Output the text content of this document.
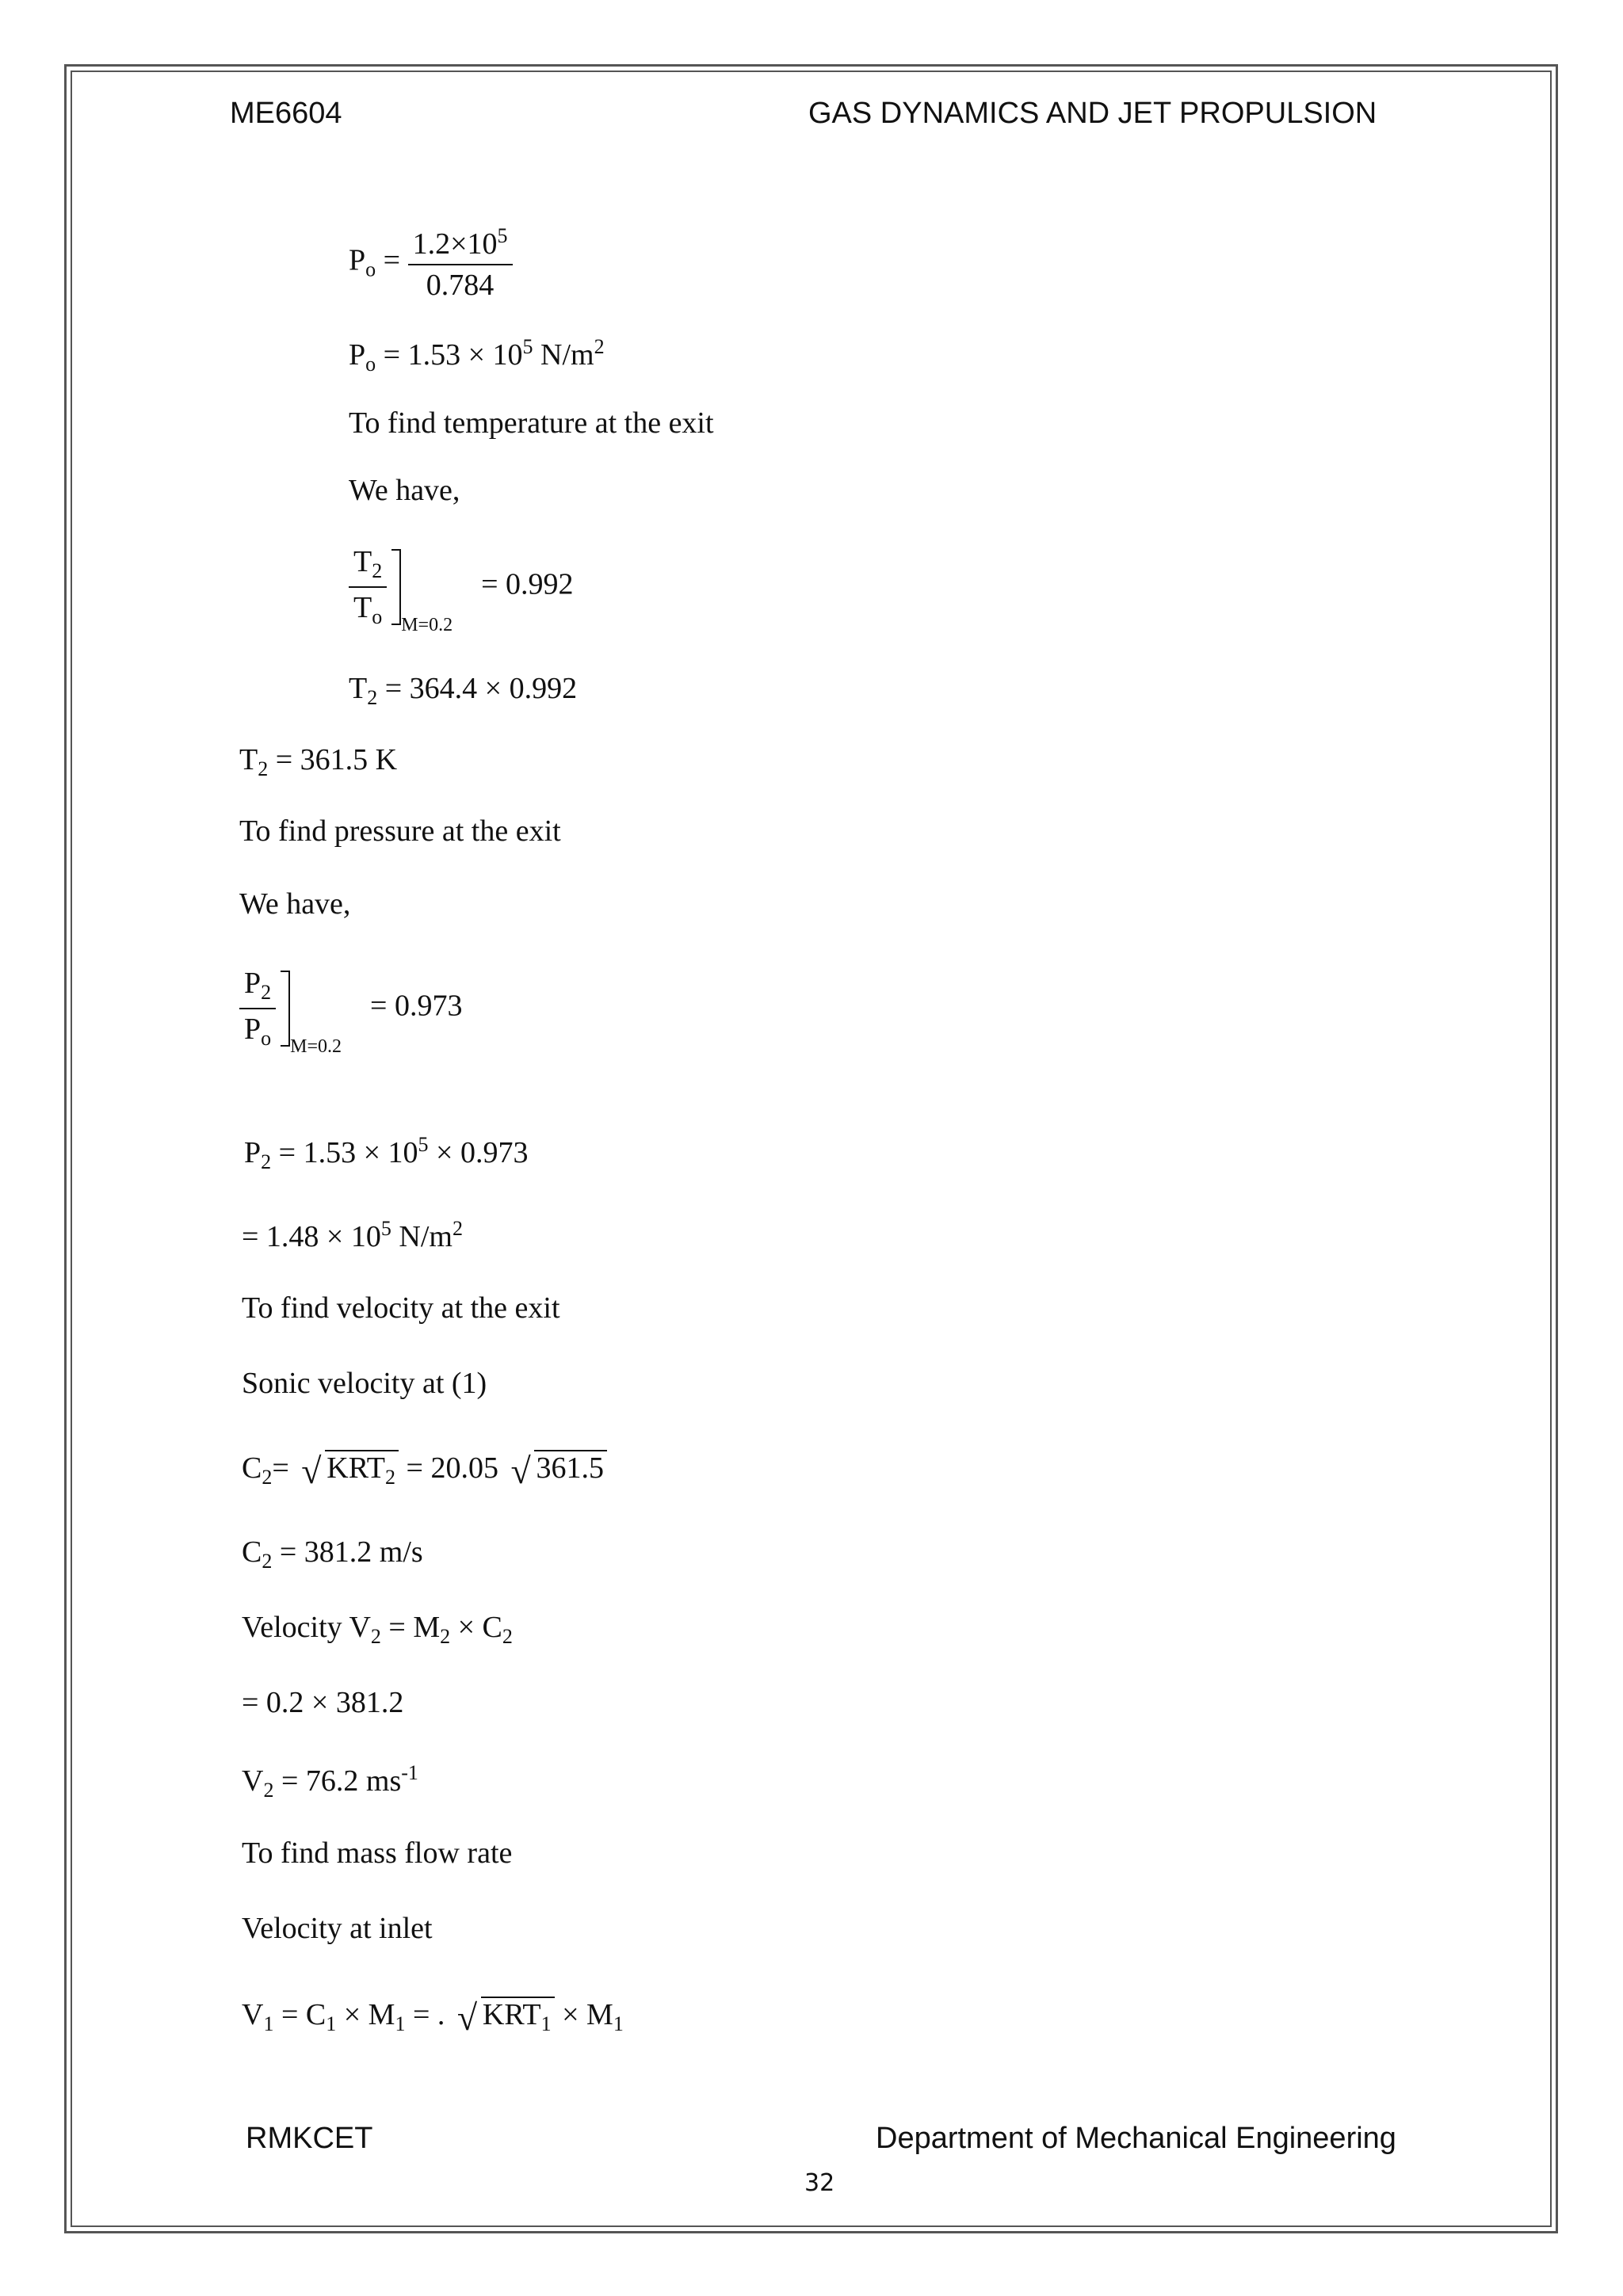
ME6604	GAS DYNAMICS AND JET PROPULSION
$P_o = \frac{1.2\times 10^5}{0.784}$
$P_o = 1.53 \times 10^5$ $N/m^2$
To find temperature at the exit
We have,
$\frac{T_2}{T_o} M=0.2= 0.992$
$T_2 = 364.4 \times 0.992$
$T_2 = 361.5$ K
To find pressure at the exit
We have,
$\frac{P_2}{P_o} M=0.2= 0.973$
$P_2 = 1.53 \times 10^5 \times 0.973$
= $1.48 \times 10^5$ $N/m^2$
To find velocity at the exit
Sonic velocity at (1)
$C_2=$ √ $KRT_2 = 20.05$ √ 361.5
$C_2 = 381.2$ m/s
Velocity $V_2 = M_2 \times C_2$
= 0.2 × 381.2
$V_2 = 76.2$ $ms^{-1}$
To find mass flow rate
Velocity at inlet
$V_1 = C_1 \times M_1$ = . √ $KRT_1 \times M_1$
RMKCET	Department of Mechanical Engineering
32
